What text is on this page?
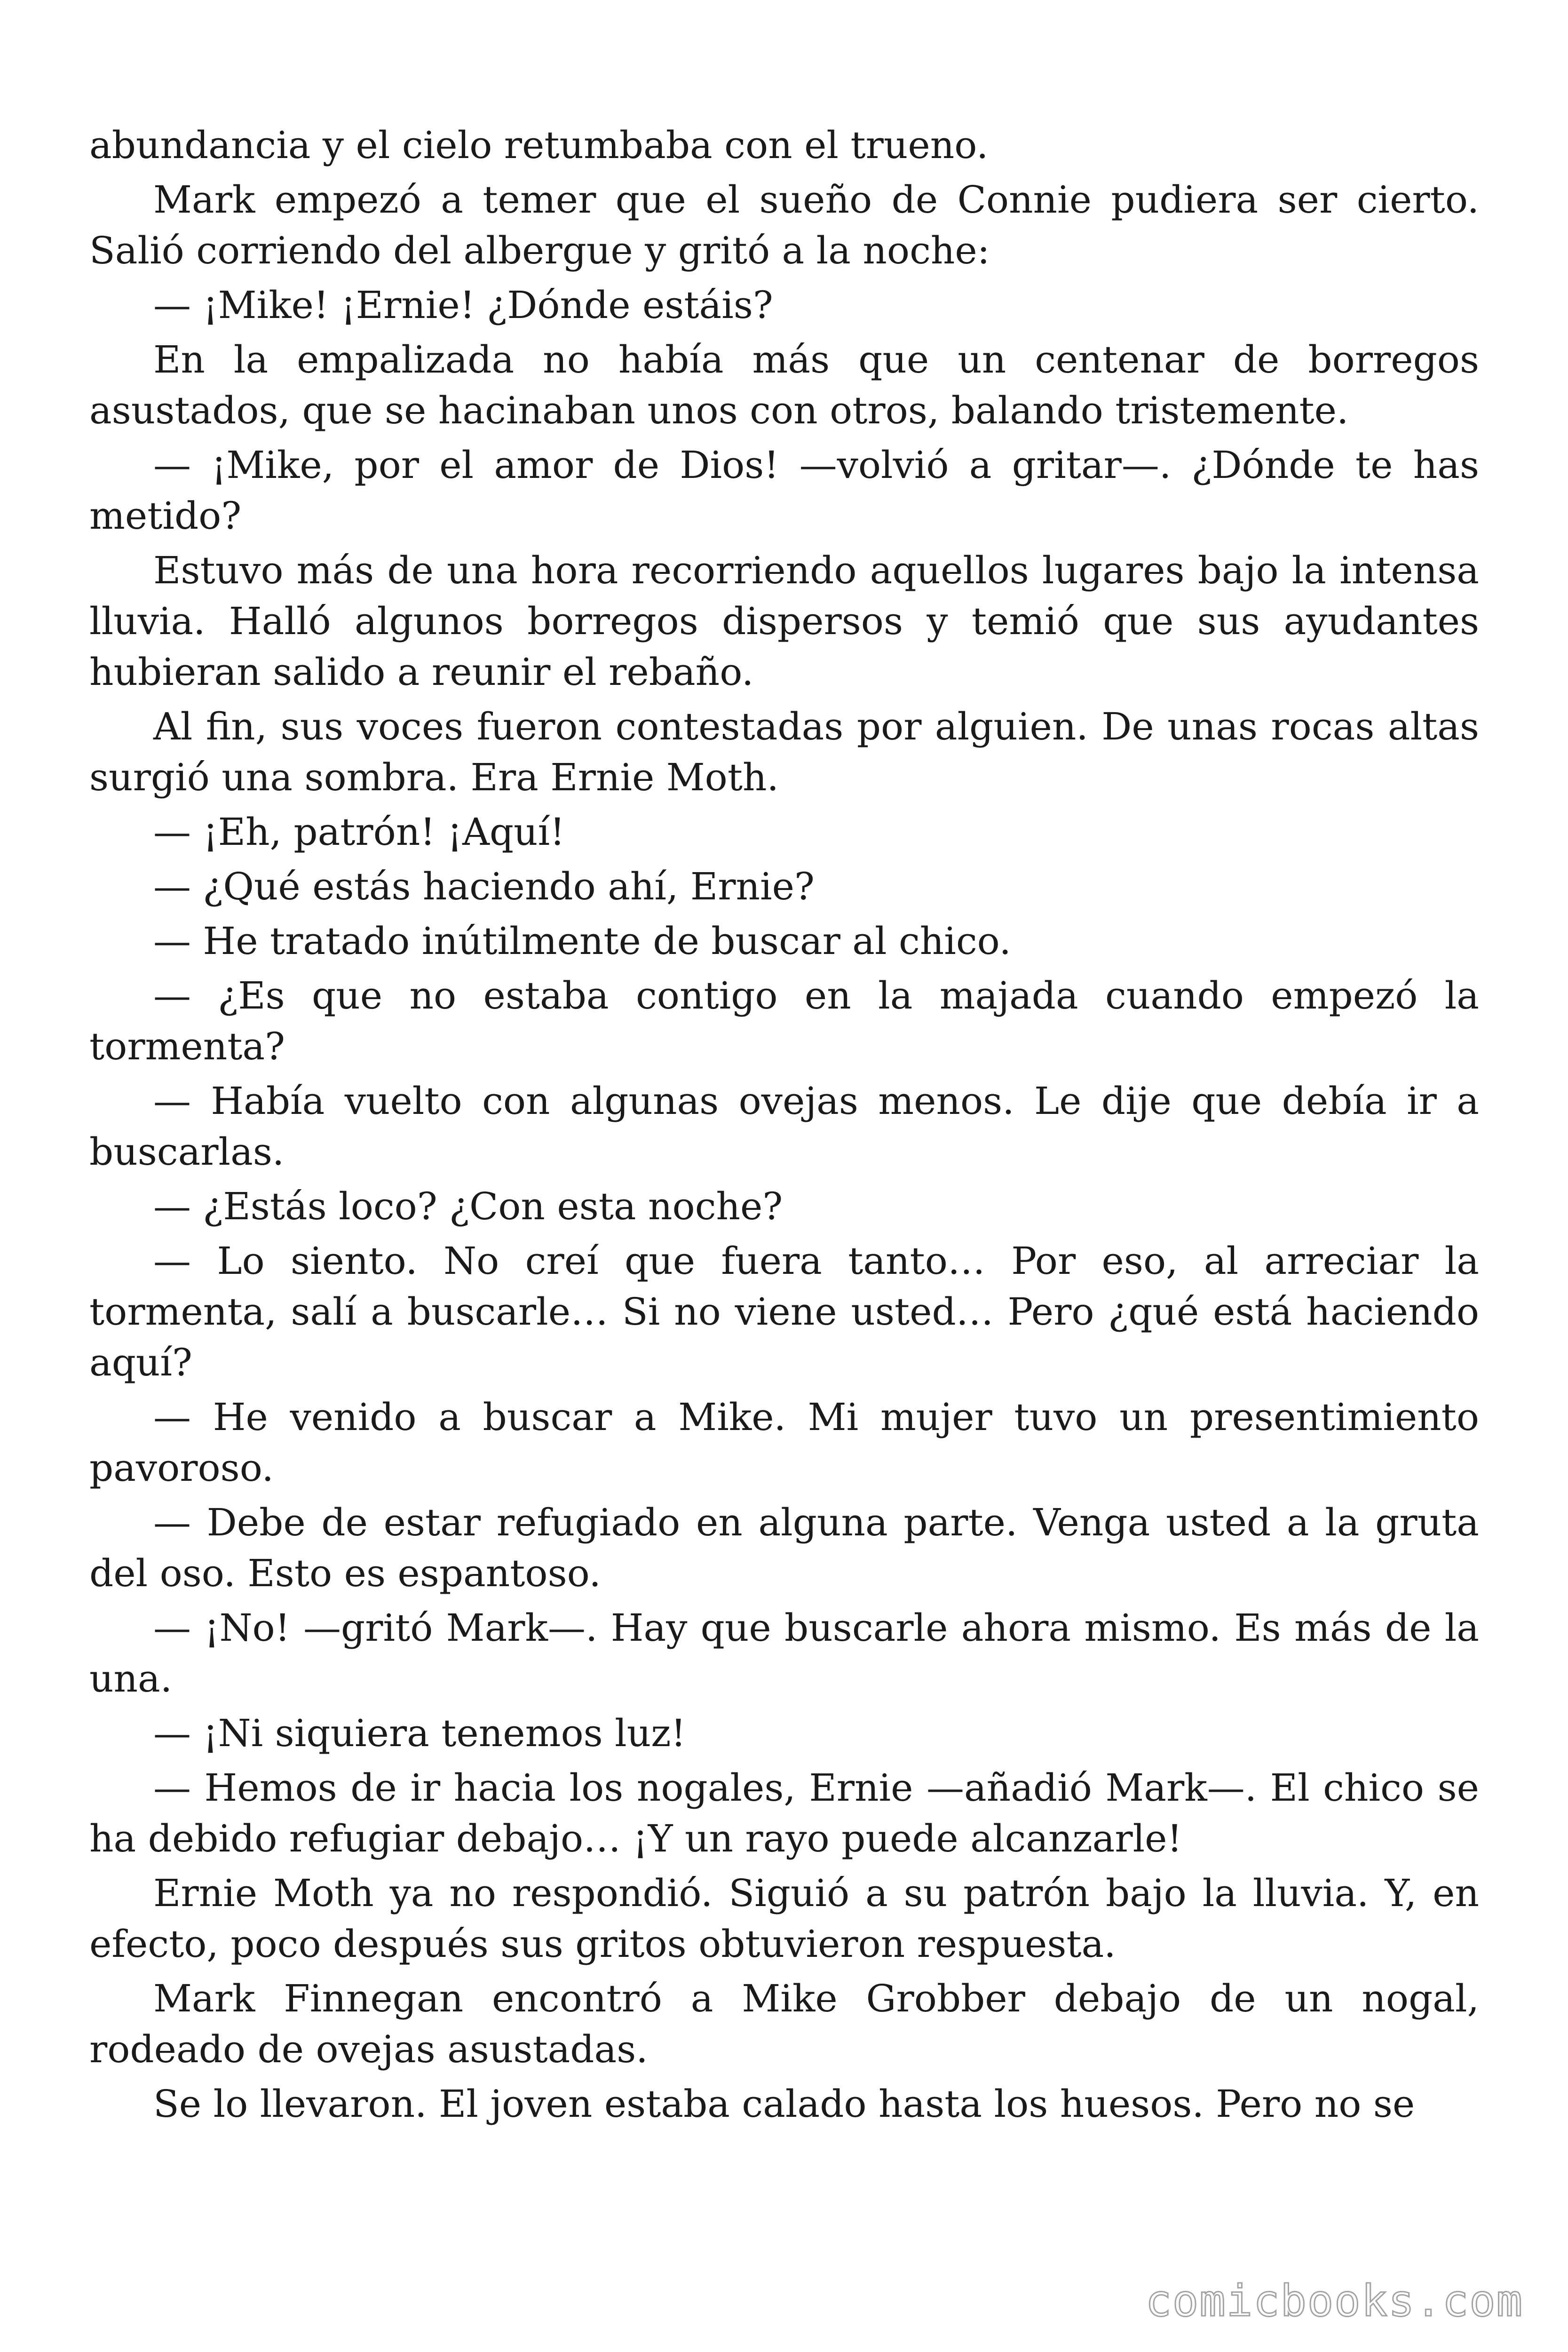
abundancia y el cielo retumbaba con el trueno.

Mark empezó a temer que el sueño de Connie pudiera ser cierto. Salió corriendo del albergue y gritó a la noche:

— ¡Mike! ¡Ernie! ¿Dónde estáis?

En la empalizada no había más que un centenar de borregos asustados, que se hacinaban unos con otros, balando tristemente.

— ¡Mike, por el amor de Dios! —volvió a gritar—. ¿Dónde te has metido?

Estuvo más de una hora recorriendo aquellos lugares bajo la intensa lluvia. Halló algunos borregos dispersos y temió que sus ayudantes hubieran salido a reunir el rebaño.

Al fin, sus voces fueron contestadas por alguien. De unas rocas altas surgió una sombra. Era Ernie Moth.

— ¡Eh, patrón! ¡Aquí!

— ¿Qué estás haciendo ahí, Ernie?

— He tratado inútilmente de buscar al chico.

— ¿Es que no estaba contigo en la majada cuando empezó la tormenta?

— Había vuelto con algunas ovejas menos. Le dije que debía ir a buscarlas.

— ¿Estás loco? ¿Con esta noche?

— Lo siento. No creí que fuera tanto… Por eso, al arreciar la tormenta, salí a buscarle… Si no viene usted… Pero ¿qué está haciendo aquí?

— He venido a buscar a Mike. Mi mujer tuvo un presentimiento pavoroso.

— Debe de estar refugiado en alguna parte. Venga usted a la gruta del oso. Esto es espantoso.

— ¡No! —gritó Mark—. Hay que buscarle ahora mismo. Es más de la una.

— ¡Ni siquiera tenemos luz!

— Hemos de ir hacia los nogales, Ernie —añadió Mark—. El chico se ha debido refugiar debajo… ¡Y un rayo puede alcanzarle!

Ernie Moth ya no respondió. Siguió a su patrón bajo la lluvia. Y, en efecto, poco después sus gritos obtuvieron respuesta.

Mark Finnegan encontró a Mike Grobber debajo de un nogal, rodeado de ovejas asustadas.

Se lo llevaron. El joven estaba calado hasta los huesos. Pero no se

comicbooks.com
